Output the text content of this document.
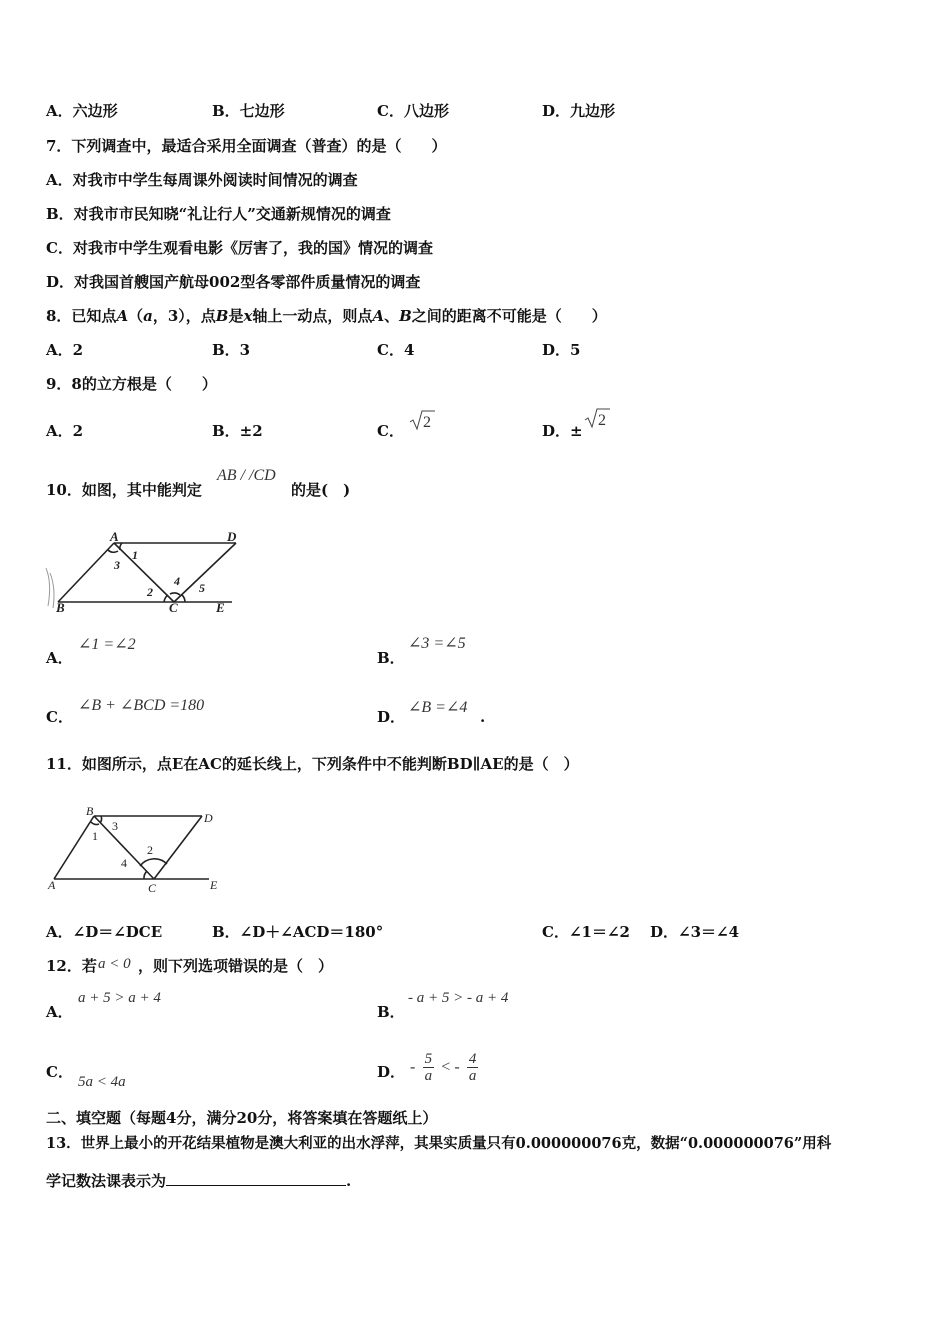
A．六边形	B．七边形	C．八边形	D．九边形
7．下列调查中，最适合采用全面调查（普查）的是（　　）
A．对我市中学生每周课外阅读时间情况的调查
B．对我市市民知晓“礼让行人”交通新规情况的调查
C．对我市中学生观看电影《厉害了，我的国》情况的调查
D．对我国首艘国产航母002型各零部件质量情况的调查
8．已知点A（a，3），点B是x轴上一动点，则点A、B之间的距离不可能是（　　）
A．2	B．3	C．4	D．5
9．8的立方根是（　　）
A．2	B．±2	C． 2	D．±
2
10．如图，其中能判定
AB / /CD
的是(　)
A	D
B	C	E
1
3
2
4 5
A．
∠1 =∠2
B．
∠3 =∠5
C．
∠B + ∠BCD =180
D．
∠B =∠4
.
11．如图所示，点E在AC的延长线上，下列条件中不能判断BD∥AE的是（　）
B	D
A	C	E
1
3
4
2
A．∠D＝∠DCE	B．∠D＋∠ACD＝180°	C．∠1＝∠2 D．∠3＝∠4
12．若 a < 0 ，则下列选项错误的是（　）
A．
a + 5 > a + 4
B．
- a + 5 > - a + 4
C．
5a < 4a
D． - $\frac{5}{a}$ < - $\frac{4}{a}$
二、填空题（每题4分，满分20分，将答案填在答题纸上）
13．世界上最小的开花结果植物是澳大利亚的出水浮萍，其果实质量只有0.000000076克，数据“0.000000076”用科
学记数法课表示为	.
